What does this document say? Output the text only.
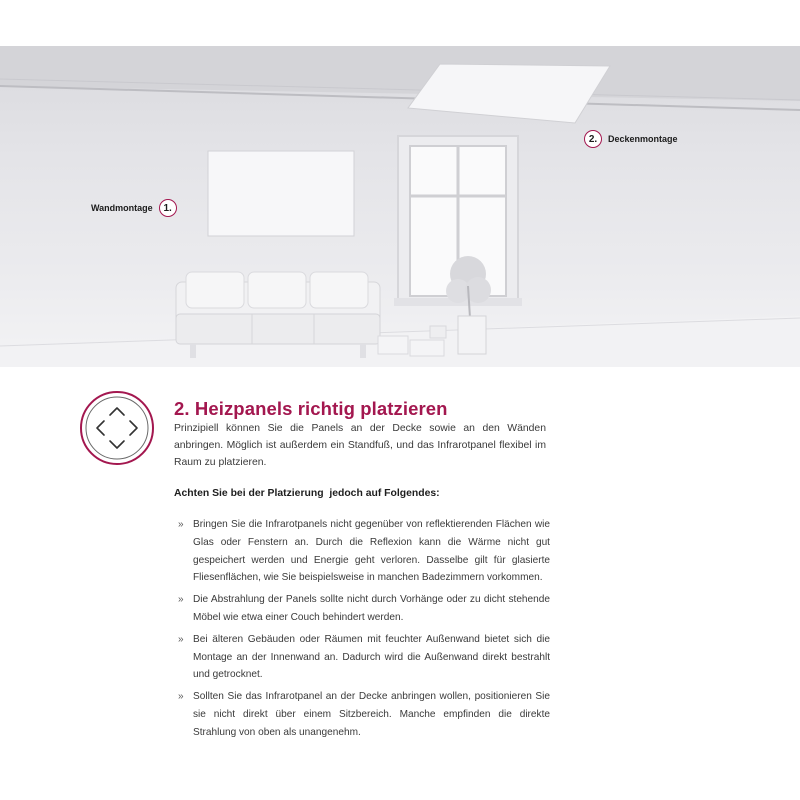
Wandmontage	1.
2.	Deckenmontage
2. Heizpanels richtig platzieren

Prinzipiell können Sie die Panels an der Decke sowie an den Wänden anbringen. Möglich ist außerdem ein Standfuß, und das Infrarotpanel flexibel im Raum zu platzieren.

Achten Sie bei der Platzierung  jedoch auf Folgendes:

» Bringen Sie die Infrarotpanels nicht gegenüber von reflektierenden Flächen wie Glas oder Fenstern an. Durch die Reflexion kann die Wärme nicht gut gespeichert werden und Energie geht verloren. Dasselbe gilt für glasierte Fliesenflächen, wie Sie beispielsweise in manchen Badezimmern vorkommen.
» Die Abstrahlung der Panels sollte nicht durch Vorhänge oder zu dicht stehende Möbel wie etwa einer Couch behindert werden.
» Bei älteren Gebäuden oder Räumen mit feuchter Außenwand bietet sich die Montage an der Innenwand an. Dadurch wird die Außenwand direkt bestrahlt und getrocknet.
» Sollten Sie das Infrarotpanel an der Decke anbringen wollen, positionieren Sie sie nicht direkt über einem Sitzbereich. Manche empfinden die direkte Strahlung von oben als unangenehm.
